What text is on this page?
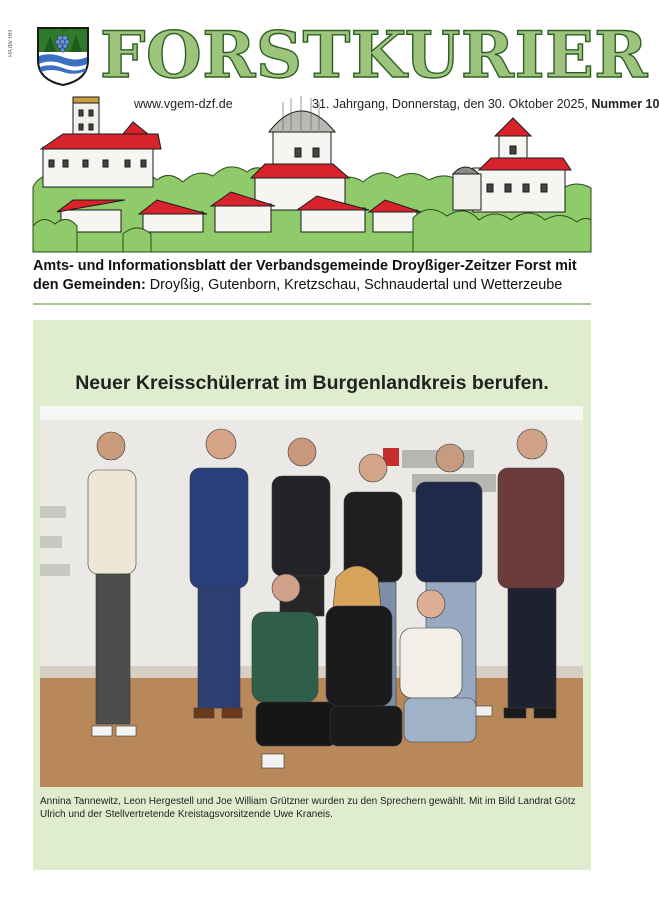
PA dlv HH FORSTKURIER
www.vgem-dzf.de	31. Jahrgang, Donnerstag, den 30. Oktober 2025, Nummer 10
Amts- und Informationsblatt der Verbandsgemeinde Droyßiger-Zeitzer Forst mit den Gemeinden: Droyßig, Gutenborn, Kretzschau, Schnaudertal und Wetterzeube
Neuer Kreisschülerrat im Burgenlandkreis berufen.
Annina Tannewitz, Leon Hergestell und Joe William Grützner wurden zu den Sprechern gewählt. Mit im Bild Landrat Götz Ulrich und der Stellvertretende Kreistagsvorsitzende Uwe Kraneis.
